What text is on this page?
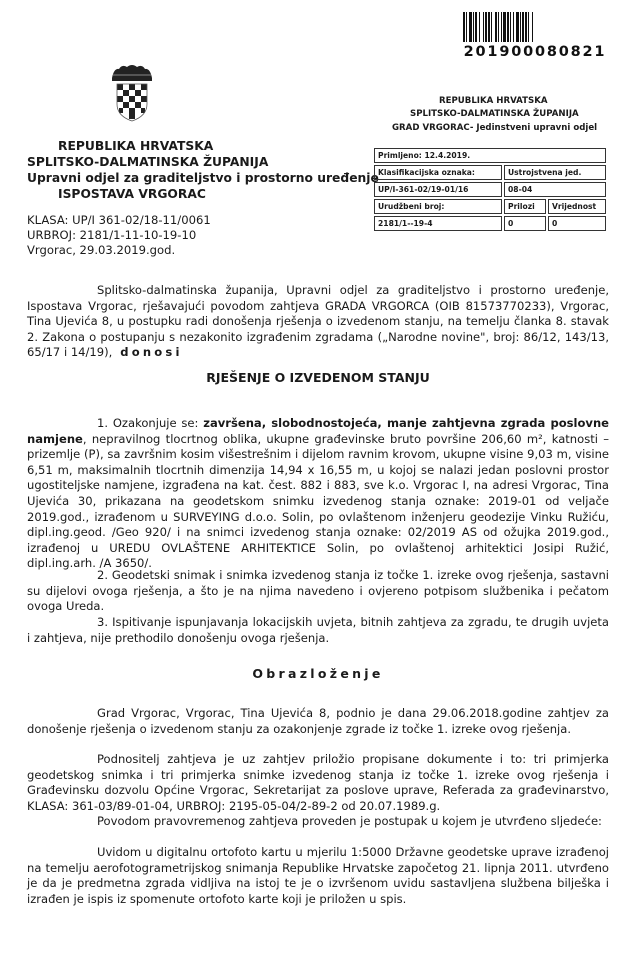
201900080821
REPUBLIKA HRVATSKA
SPLITSKO-DALMATINSKA ŽUPANIJA
Upravni odjel za graditeljstvo i prostorno uređenje
ISPOSTAVA VRGORAC
KLASA: UP/I 361-02/18-11/0061
URBROJ: 2181/1-11-10-19-10
Vrgorac, 29.03.2019.god.
REPUBLIKA HRVATSKA
SPLITSKO-DALMATINSKA ŽUPANIJA
GRAD VRGORAC- Jedinstveni upravni odjel
Primljeno: 12.4.2019.
Klasifikacijska oznaka:	Ustrojstvena jed.
UP/I-361-02/19-01/16	08-04
Urudžbeni broj:	Prilozi	Vrijednost
2181/1--19-4	0	0
Splitsko-dalmatinska županija, Upravni odjel za graditeljstvo i prostorno uređenje, Ispostava Vrgorac, rješavajući povodom zahtjeva GRADA VRGORCA (OIB 81573770233), Vrgorac, Tina Ujevića 8, u postupku radi donošenja rješenja o izvedenom stanju, na temelju članka 8. stavak 2. Zakona o postupanju s nezakonito izgrađenim zgradama („Narodne novine", broj: 86/12, 143/13, 65/17 i 14/19), donosi
RJEŠENJE O IZVEDENOM STANJU
1. Ozakonjuje se: završena, slobodnostojeća, manje zahtjevna zgrada poslovne namjene, nepravilnog tlocrtnog oblika, ukupne građevinske bruto površine 206,60 m², katnosti – prizemlje (P), sa završnim kosim višestrešnim i dijelom ravnim krovom, ukupne visine 9,03 m, visine 6,51 m, maksimalnih tlocrtnih dimenzija 14,94 x 16,55 m, u kojoj se nalazi jedan poslovni prostor ugostiteljske namjene, izgrađena na kat. čest. 882 i 883, sve k.o. Vrgorac I, na adresi Vrgorac, Tina Ujevića 30, prikazana na geodetskom snimku izvedenog stanja oznake: 2019-01 od veljače 2019.god., izrađenom u SURVEYING d.o.o. Solin, po ovlaštenom inženjeru geodezije Vinku Ružiću, dipl.ing.geod. /Geo 920/ i na snimci izvedenog stanja oznake: 02/2019 AS od ožujka 2019.god., izrađenoj u UREDU OVLAŠTENE ARHITEKTICE Solin, po ovlaštenoj arhitektici Josipi Ružić, dipl.ing.arh. /A 3650/.
2. Geodetski snimak i snimka izvedenog stanja iz točke 1. izreke ovog rješenja, sastavni su dijelovi ovoga rješenja, a što je na njima navedeno i ovjereno potpisom službenika i pečatom ovoga Ureda.
3. Ispitivanje ispunjavanja lokacijskih uvjeta, bitnih zahtjeva za zgradu, te drugih uvjeta i zahtjeva, nije prethodilo donošenju ovoga rješenja.
Obrazloženje
Grad Vrgorac, Vrgorac, Tina Ujevića 8, podnio je dana 29.06.2018.godine zahtjev za donošenje rješenja o izvedenom stanju za ozakonjenje zgrade iz točke 1. izreke ovog rješenja.
Podnositelj zahtjeva je uz zahtjev priložio propisane dokumente i to: tri primjerka geodetskog snimka i tri primjerka snimke izvedenog stanja iz točke 1. izreke ovog rješenja i Građevinsku dozvolu Općine Vrgorac, Sekretarijat za poslove uprave, Referada za građevinarstvo, KLASA: 361-03/89-01-04, URBROJ: 2195-05-04/2-89-2 od 20.07.1989.g.
Povodom pravovremenog zahtjeva proveden je postupak u kojem je utvrđeno sljedeće:
Uvidom u digitalnu ortofoto kartu u mjerilu 1:5000 Državne geodetske uprave izrađenoj na temelju aerofotogrametrijskog snimanja Republike Hrvatske započetog 21. lipnja 2011. utvrđeno je da je predmetna zgrada vidljiva na istoj te je o izvršenom uvidu sastavljena službena bilješka i izrađen je ispis iz spomenute ortofoto karte koji je priložen u spis.
